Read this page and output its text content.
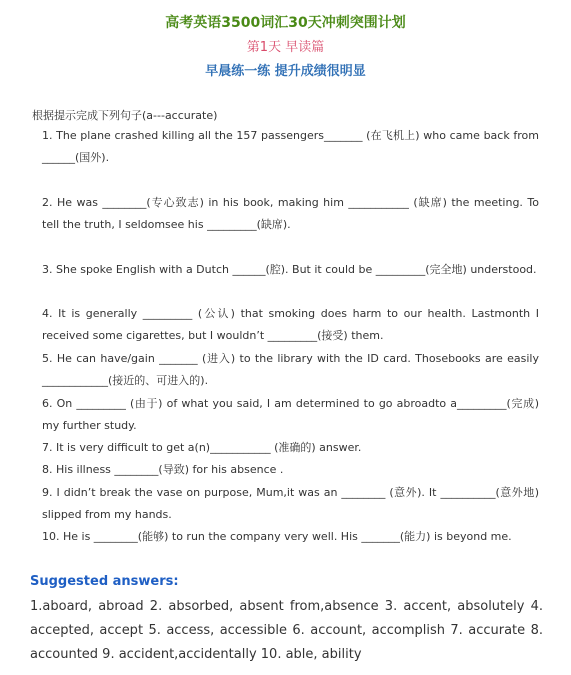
高考英语3500词汇30天冲刺突围计划
第1天 早读篇
早晨练一练 提升成绩很明显
根据提示完成下列句子(a---accurate)
1. The plane crashed killing all the 157 passengers_______ (在飞机上) who came back from ______(国外).
2. He was ________(专心致志) in his book, making him ___________ (缺席) the meeting. To tell the truth, I seldomsee his _________(缺席).
3. She spoke English with a Dutch ______(腔). But it could be _________(完全地) understood.
4. It is generally _________ (公认) that smoking does harm to our health. Lastmonth I received some cigarettes, but I wouldn’t _________(接受) them.
5. He can have/gain _______ (进入) to the library with the ID card. Thosebooks are easily ____________(接近的、可进入的).
6. On _________ (由于) of what you said, I am determined to go abroadto a_________(完成) my further study.
7. It is very difficult to get a(n)___________ (准确的) answer.
8. His illness ________(导致) for his absence .
9. I didn’t break the vase on purpose, Mum,it was an ________ (意外). It __________(意外地) slipped from my hands.
10. He is ________(能够) to run the company very well. His _______(能力) is beyond me.
Suggested answers:
1.aboard, abroad 2. absorbed, absent from,absence 3. accent, absolutely 4. accepted, accept 5. access, accessible 6. account, accomplish 7. accurate 8. accounted 9. accident,accidentally 10. able, ability
